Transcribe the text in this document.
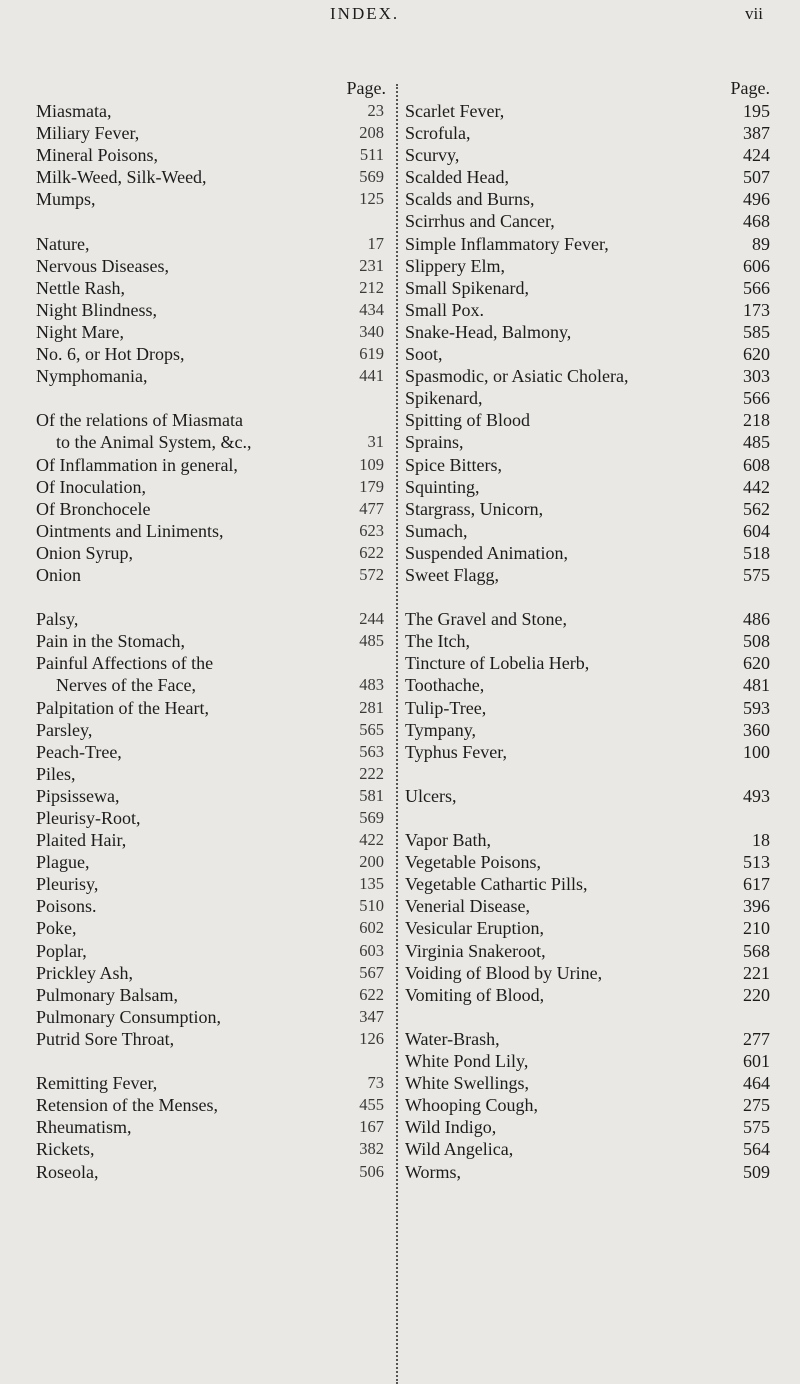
INDEX.	vii
Page.
Miasmata,	23
Miliary Fever,	208
Mineral Poisons,	511
Milk-Weed, Silk-Weed,	569
Mumps,	125
Nature,	17
Nervous Diseases,	231
Nettle Rash,	212
Night Blindness,	434
Night Mare,	340
No. 6, or Hot Drops,	619
Nymphomania,	441
Of the relations of Miasmata
to the Animal System, &c.,	31
Of Inflammation in general,	109
Of Inoculation,	179
Of Bronchocele	477
Ointments and Liniments,	623
Onion Syrup,	622
Onion	572
Palsy,	244
Pain in the Stomach,	485
Painful Affections of the
Nerves of the Face,	483
Palpitation of the Heart,	281
Parsley,	565
Peach-Tree,	563
Piles,	222
Pipsissewa,	581
Pleurisy-Root,	569
Plaited Hair,	422
Plague,	200
Pleurisy,	135
Poisons.	510
Poke,	602
Poplar,	603
Prickley Ash,	567
Pulmonary Balsam,	622
Pulmonary Consumption,	347
Putrid Sore Throat,	126
Remitting Fever,	73
Retension of the Menses,	455
Rheumatism,	167
Rickets,	382
Roseola,	506
Page.
Scarlet Fever,	195
Scrofula,	387
Scurvy,	424
Scalded Head,	507
Scalds and Burns,	496
Scirrhus and Cancer,	468
Simple Inflammatory Fever,	89
Slippery Elm,	606
Small Spikenard,	566
Small Pox.	173
Snake-Head, Balmony,	585
Soot,	620
Spasmodic, or Asiatic Cholera,	303
Spikenard,	566
Spitting of Blood	218
Sprains,	485
Spice Bitters,	608
Squinting,	442
Stargrass, Unicorn,	562
Sumach,	604
Suspended Animation,	518
Sweet Flagg,	575
The Gravel and Stone,	486
The Itch,	508
Tincture of Lobelia Herb,	620
Toothache,	481
Tulip-Tree,	593
Tympany,	360
Typhus Fever,	100
Ulcers,	493
Vapor Bath,	18
Vegetable Poisons,	513
Vegetable Cathartic Pills,	617
Venerial Disease,	396
Vesicular Eruption,	210
Virginia Snakeroot,	568
Voiding of Blood by Urine,	221
Vomiting of Blood,	220
Water-Brash,	277
White Pond Lily,	601
White Swellings,	464
Whooping Cough,	275
Wild Indigo,	575
Wild Angelica,	564
Worms,	509
